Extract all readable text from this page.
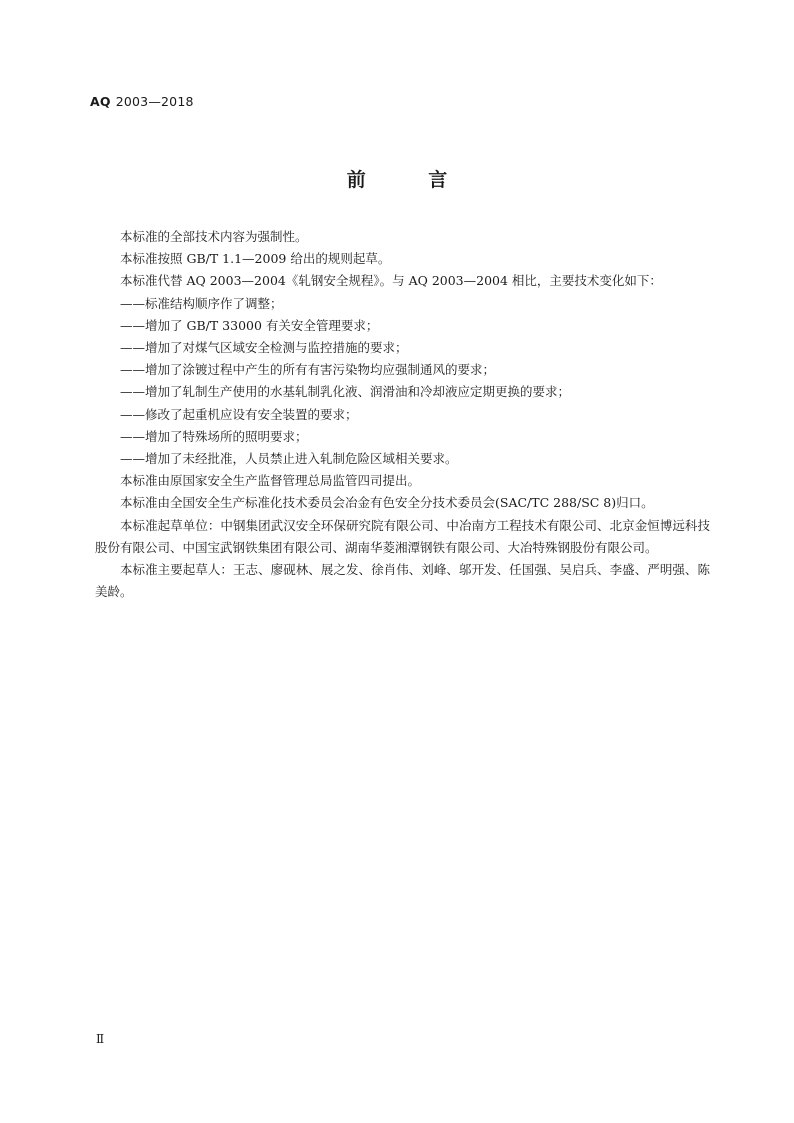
AQ 2003—2018
前 言

本标准的全部技术内容为强制性。

本标准按照 GB/T 1.1—2009 给出的规则起草。

本标准代替 AQ 2003—2004《轧钢安全规程》。与 AQ 2003—2004 相比，主要技术变化如下：

——标准结构顺序作了调整；

——增加了 GB/T 33000 有关安全管理要求；

——增加了对煤气区域安全检测与监控措施的要求；

——增加了涂镀过程中产生的所有有害污染物均应强制通风的要求；

——增加了轧制生产使用的水基轧制乳化液、润滑油和冷却液应定期更换的要求；

——修改了起重机应设有安全装置的要求；

——增加了特殊场所的照明要求；

——增加了未经批准，人员禁止进入轧制危险区域相关要求。

本标准由原国家安全生产监督管理总局监管四司提出。

本标准由全国安全生产标准化技术委员会冶金有色安全分技术委员会(SAC/TC 288/SC 8)归口。

本标准起草单位：中钢集团武汉安全环保研究院有限公司、中冶南方工程技术有限公司、北京金恒博远科技股份有限公司、中国宝武钢铁集团有限公司、湖南华菱湘潭钢铁有限公司、大冶特殊钢股份有限公司。

本标准主要起草人：王志、廖砚林、展之发、徐肖伟、刘峰、邬开发、任国强、吴启兵、李盛、严明强、陈美龄。

Ⅱ
